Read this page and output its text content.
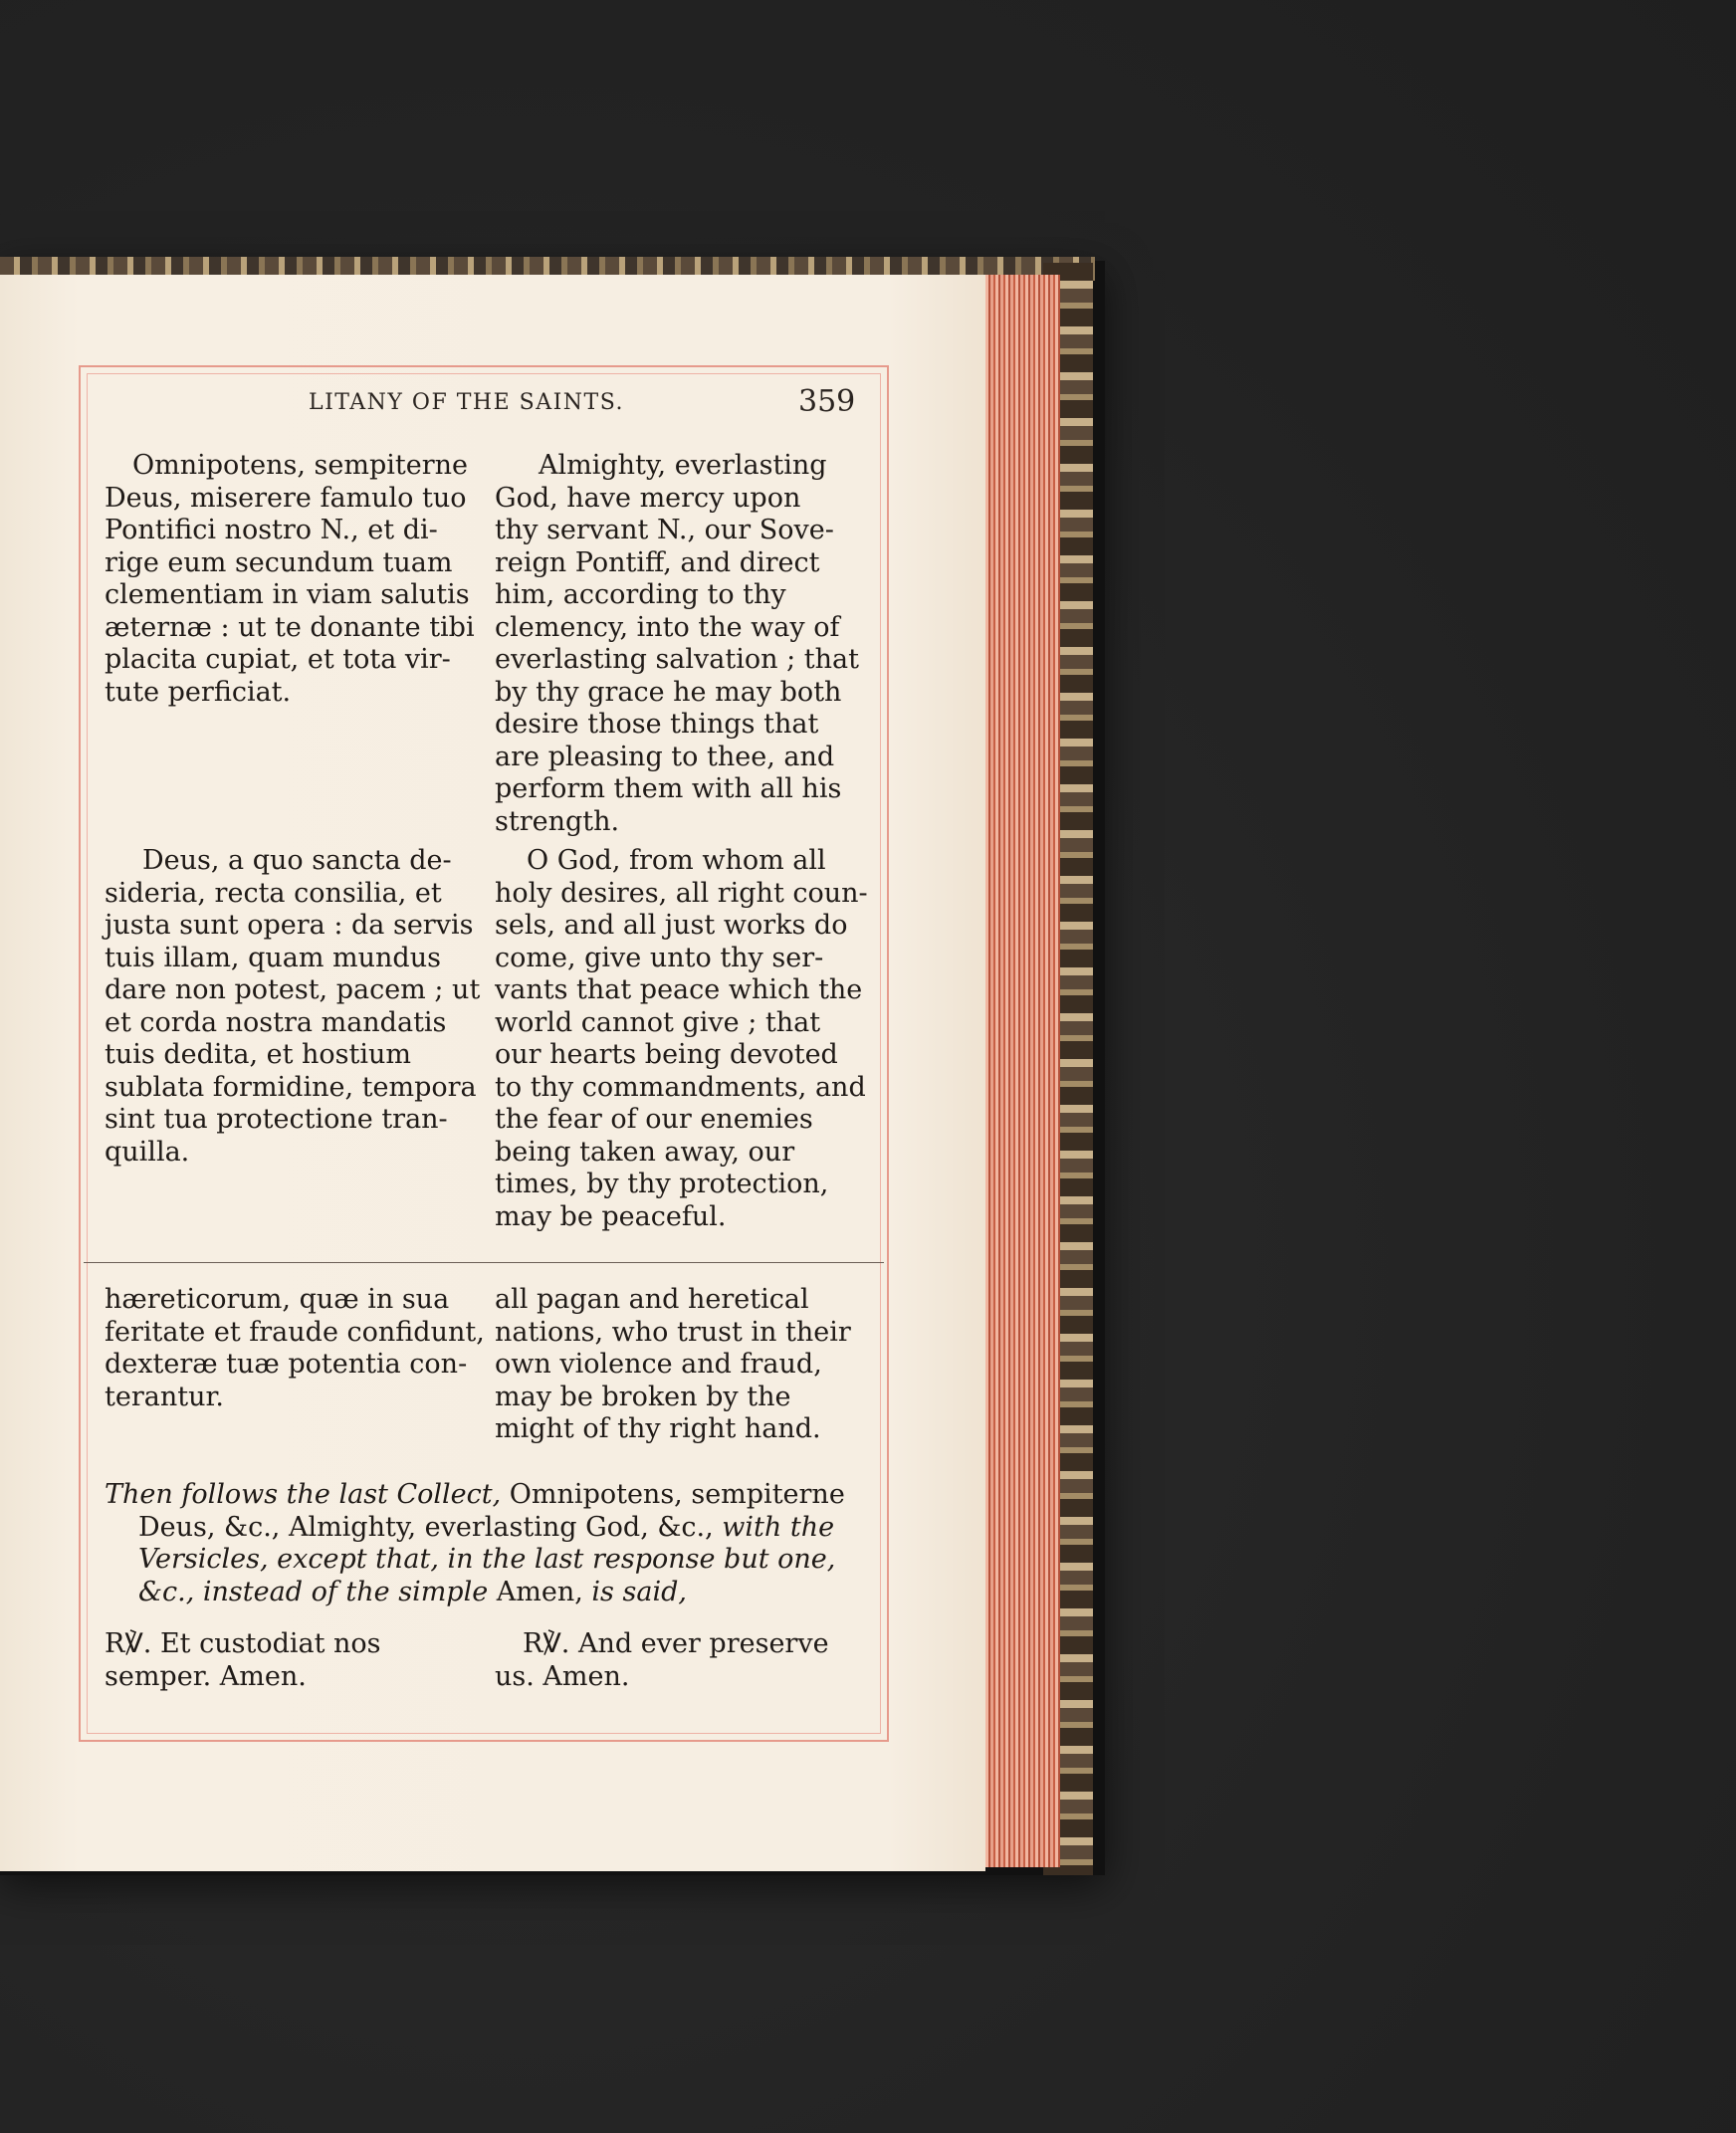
LITANY OF THE SAINTS.	359
Omnipotens, sempiterne
Deus, miserere famulo tuo
Pontifici nostro N., et di-
rige eum secundum tuam
clementiam in viam salutis
æternæ : ut te donante tibi
placita cupiat, et tota vir-
tute perficiat.
Almighty, everlasting
God, have mercy upon
thy servant N., our Sove-
reign Pontiff, and direct
him, according to thy
clemency, into the way of
everlasting salvation ; that
by thy grace he may both
desire those things that
are pleasing to thee, and
perform them with all his
strength.
Deus, a quo sancta de-
sideria, recta consilia, et
justa sunt opera : da servis
tuis illam, quam mundus
dare non potest, pacem ; ut
et corda nostra mandatis
tuis dedita, et hostium
sublata formidine, tempora
sint tua protectione tran-
quilla.
O God, from whom all
holy desires, all right coun-
sels, and all just works do
come, give unto thy ser-
vants that peace which the
world cannot give ; that
our hearts being devoted
to thy commandments, and
the fear of our enemies
being taken away, our
times, by thy protection,
may be peaceful.
hæreticorum, quæ in sua
feritate et fraude confidunt,
dexteræ tuæ potentia con-
terantur.
all pagan and heretical
nations, who trust in their
own violence and fraud,
may be broken by the
might of thy right hand.
Then follows the last Collect, Omnipotens, sempiterne
Deus, &c., Almighty, everlasting God, &c., with the
Versicles, except that, in the last response but one,
&c., instead of the simple Amen, is said,
R℣. Et custodiat nos
semper. Amen.
R℣. And ever preserve
us. Amen.
